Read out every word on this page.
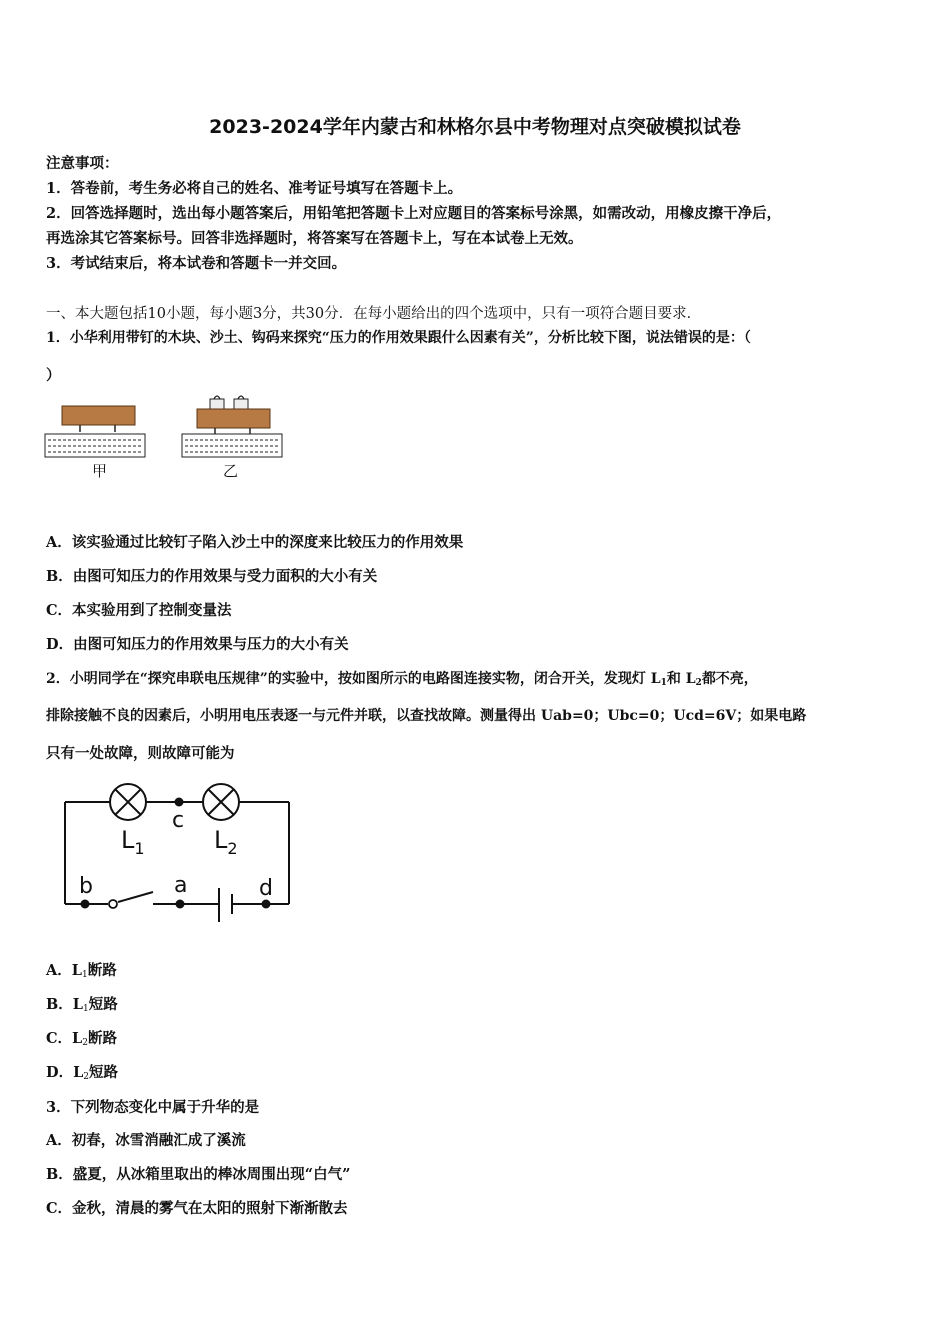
2023-2024学年内蒙古和林格尔县中考物理对点突破模拟试卷
注意事项：
1．答卷前，考生务必将自己的姓名、准考证号填写在答题卡上。
2．回答选择题时，选出每小题答案后，用铅笔把答题卡上对应题目的答案标号涂黑，如需改动，用橡皮擦干净后，
再选涂其它答案标号。回答非选择题时，将答案写在答题卡上，写在本试卷上无效。
3．考试结束后，将本试卷和答题卡一并交回。
一、本大题包括10小题，每小题3分，共30分．在每小题给出的四个选项中，只有一项符合题目要求．
1．小华利用带钉的木块、沙土、钩码来探究“压力的作用效果跟什么因素有关”，分析比较下图，说法错误的是：（
）
甲	乙
A．该实验通过比较钉子陷入沙土中的深度来比较压力的作用效果
B．由图可知压力的作用效果与受力面积的大小有关
C．本实验用到了控制变量法
D．由图可知压力的作用效果与压力的大小有关
2．小明同学在“探究串联电压规律”的实验中，按如图所示的电路图连接实物，闭合开关，发现灯 $L_1$和 $L_2$都不亮，
排除接触不良的因素后，小明用电压表逐一与元件并联，以查找故障。测量得出 Uab=0；Ubc=0；Ucd=6V；如果电路
只有一处故障，则故障可能为
c
$L_1$	$L_2$
b	a	d
A．$L_1$断路
B．$L_1$短路
C．$L_2$断路
D．$L_2$短路
3．下列物态变化中属于升华的是
A．初春，冰雪消融汇成了溪流
B．盛夏，从冰箱里取出的棒冰周围出现“白气”
C．金秋，清晨的雾气在太阳的照射下渐渐散去
